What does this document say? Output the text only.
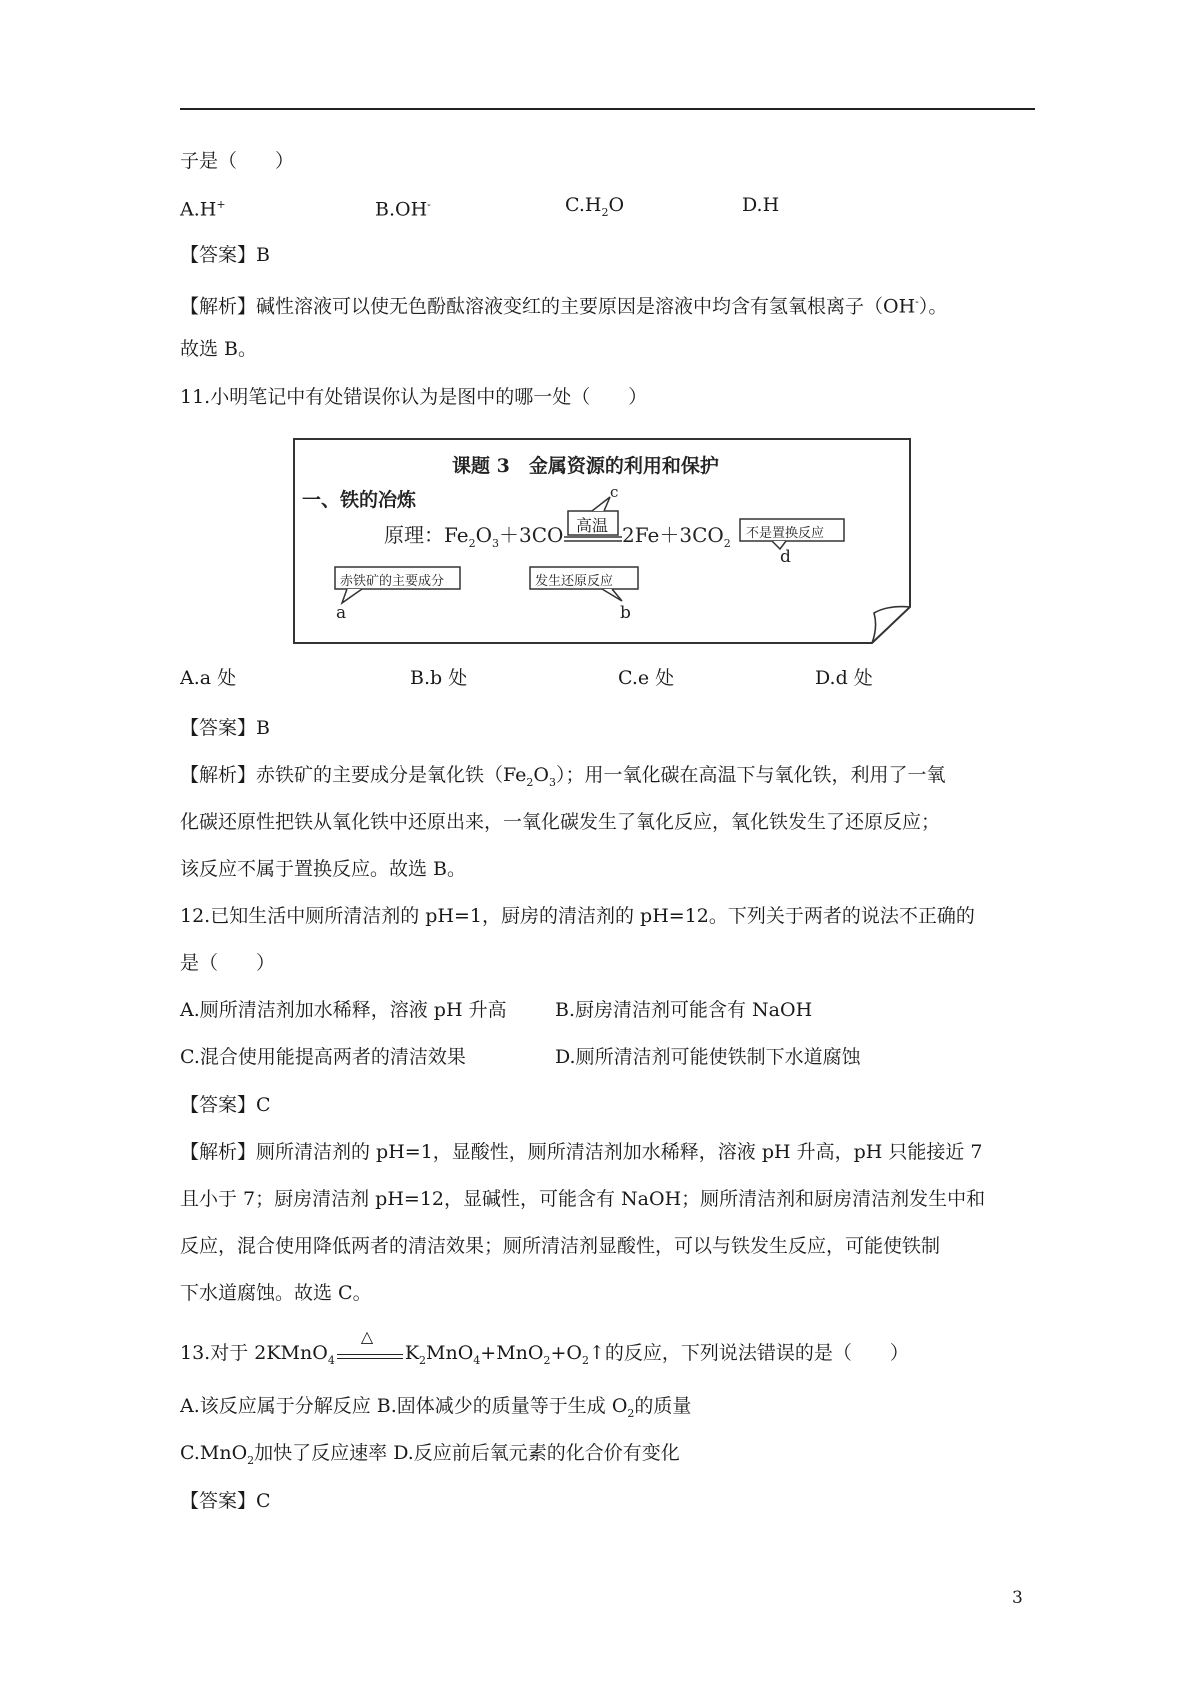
子是（　　）
A.H+	B.OH-	$C.H_2O$	D.H
【答案】B
【解析】碱性溶液可以使无色酚酞溶液变红的主要原因是溶液中均含有氢氧根离子（OH-）。
故选 B。
11.小明笔记中有处错误你认为是图中的哪一处（　　）
课题 3　金属资源的利用和保护
一、铁的冶炼
原理：$Fe_2O_3+3CO$ 高温 $2Fe+3CO_2$
赤铁矿的主要成分	发生还原反应
不是置换反应
a	b
c
d
A.a 处	B.b 处	C.e 处	D.d 处
【答案】B
【解析】赤铁矿的主要成分是氧化铁$(Fe_2O_3)$；用一氧化碳在高温下与氧化铁，利用了一氧
化碳还原性把铁从氧化铁中还原出来，一氧化碳发生了氧化反应，氧化铁发生了还原反应；
该反应不属于置换反应。故选 B。
12.已知生活中厕所清洁剂的 pH=1，厨房的清洁剂的 pH=12。下列关于两者的说法不正确的
是（　　）
A.厕所清洁剂加水稀释，溶液 pH 升高	B.厨房清洁剂可能含有 NaOH
C.混合使用能提高两者的清洁效果	D.厕所清洁剂可能使铁制下水道腐蚀
【答案】C
【解析】厕所清洁剂的 pH=1，显酸性，厕所清洁剂加水稀释，溶液 pH 升高，pH 只能接近 7
且小于 7；厨房清洁剂 pH=12，显碱性，可能含有 NaOH；厕所清洁剂和厨房清洁剂发生中和
反应，混合使用降低两者的清洁效果；厕所清洁剂显酸性，可以与铁发生反应，可能使铁制
下水道腐蚀。故选 C。
13.对于 2KMnO$_4$
△
$K_2MnO_4+MnO_2+O_2↑$的反应，下列说法错误的是（　　）
A.该反应属于分解反应 B.固体减少的质量等于生成 $O_2$的质量
C.MnO$_2$加快了反应速率 D.反应前后氧元素的化合价有变化
【答案】C
3
